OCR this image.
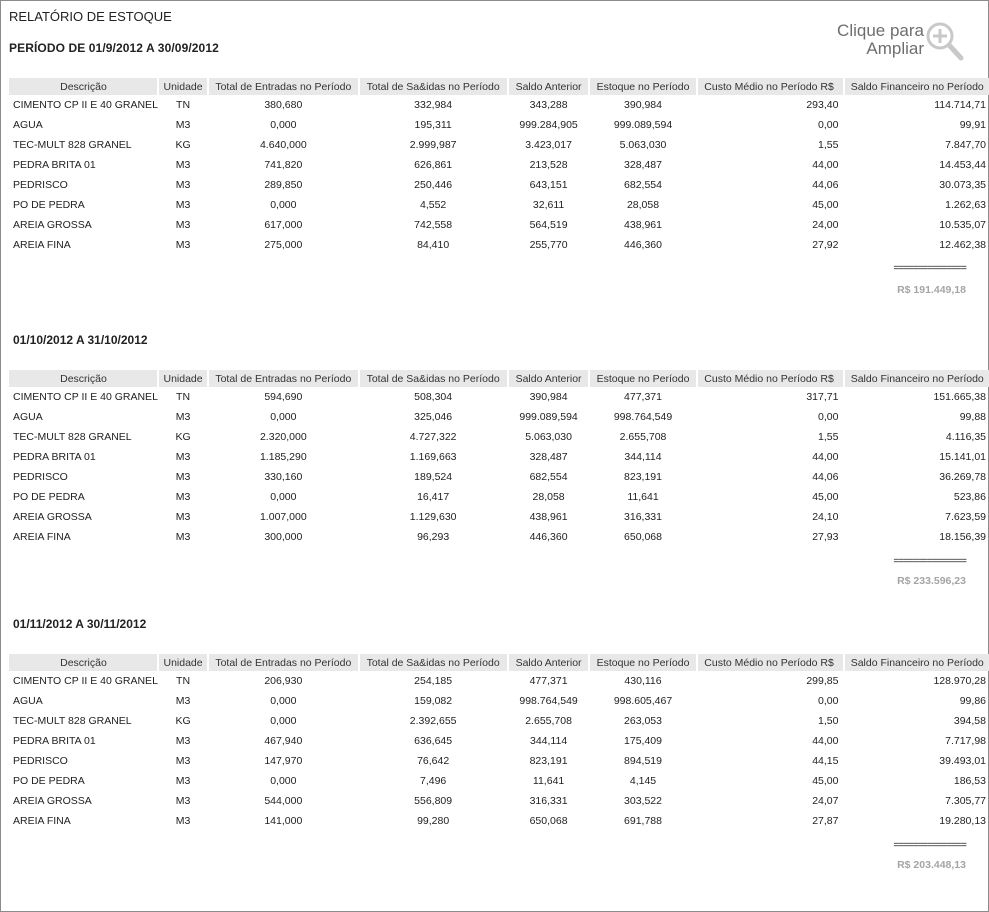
RELATÓRIO DE ESTOQUE
Clique para
Ampliar
PERÍODO DE 01/9/2012 A 30/09/2012
Descrição	Unidade	Total de Entradas no Período	Total de Sa&idas no Período	Saldo Anterior	Estoque no Período	Custo Médio no Período R$	Saldo Financeiro no Período
CIMENTO CP II E 40 GRANEL	TN	380,680	332,984	343,288	390,984	293,40	114.714,71
AGUA	M3	0,000	195,311	999.284,905	999.089,594	0,00	99,91
TEC-MULT 828 GRANEL	KG	4.640,000	2.999,987	3.423,017	5.063,030	1,55	7.847,70
PEDRA BRITA 01	M3	741,820	626,861	213,528	328,487	44,00	14.453,44
PEDRISCO	M3	289,850	250,446	643,151	682,554	44,06	30.073,35
PO DE PEDRA	M3	0,000	4,552	32,611	28,058	45,00	1.262,63
AREIA GROSSA	M3	617,000	742,558	564,519	438,961	24,00	10.535,07
AREIA FINA	M3	275,000	84,410	255,770	446,360	27,92	12.462,38
===============
R$ 191.449,18
01/10/2012 A 31/10/2012
Descrição	Unidade	Total de Entradas no Período	Total de Sa&idas no Período	Saldo Anterior	Estoque no Período	Custo Médio no Período R$	Saldo Financeiro no Período
CIMENTO CP II E 40 GRANEL	TN	594,690	508,304	390,984	477,371	317,71	151.665,38
AGUA	M3	0,000	325,046	999.089,594	998.764,549	0,00	99,88
TEC-MULT 828 GRANEL	KG	2.320,000	4.727,322	5.063,030	2.655,708	1,55	4.116,35
PEDRA BRITA 01	M3	1.185,290	1.169,663	328,487	344,114	44,00	15.141,01
PEDRISCO	M3	330,160	189,524	682,554	823,191	44,06	36.269,78
PO DE PEDRA	M3	0,000	16,417	28,058	11,641	45,00	523,86
AREIA GROSSA	M3	1.007,000	1.129,630	438,961	316,331	24,10	7.623,59
AREIA FINA	M3	300,000	96,293	446,360	650,068	27,93	18.156,39
===============
R$ 233.596,23
01/11/2012 A 30/11/2012
Descrição	Unidade	Total de Entradas no Período	Total de Sa&idas no Período	Saldo Anterior	Estoque no Período	Custo Médio no Período R$	Saldo Financeiro no Período
CIMENTO CP II E 40 GRANEL	TN	206,930	254,185	477,371	430,116	299,85	128.970,28
AGUA	M3	0,000	159,082	998.764,549	998.605,467	0,00	99,86
TEC-MULT 828 GRANEL	KG	0,000	2.392,655	2.655,708	263,053	1,50	394,58
PEDRA BRITA 01	M3	467,940	636,645	344,114	175,409	44,00	7.717,98
PEDRISCO	M3	147,970	76,642	823,191	894,519	44,15	39.493,01
PO DE PEDRA	M3	0,000	7,496	11,641	4,145	45,00	186,53
AREIA GROSSA	M3	544,000	556,809	316,331	303,522	24,07	7.305,77
AREIA FINA	M3	141,000	99,280	650,068	691,788	27,87	19.280,13
===============
R$ 203.448,13
